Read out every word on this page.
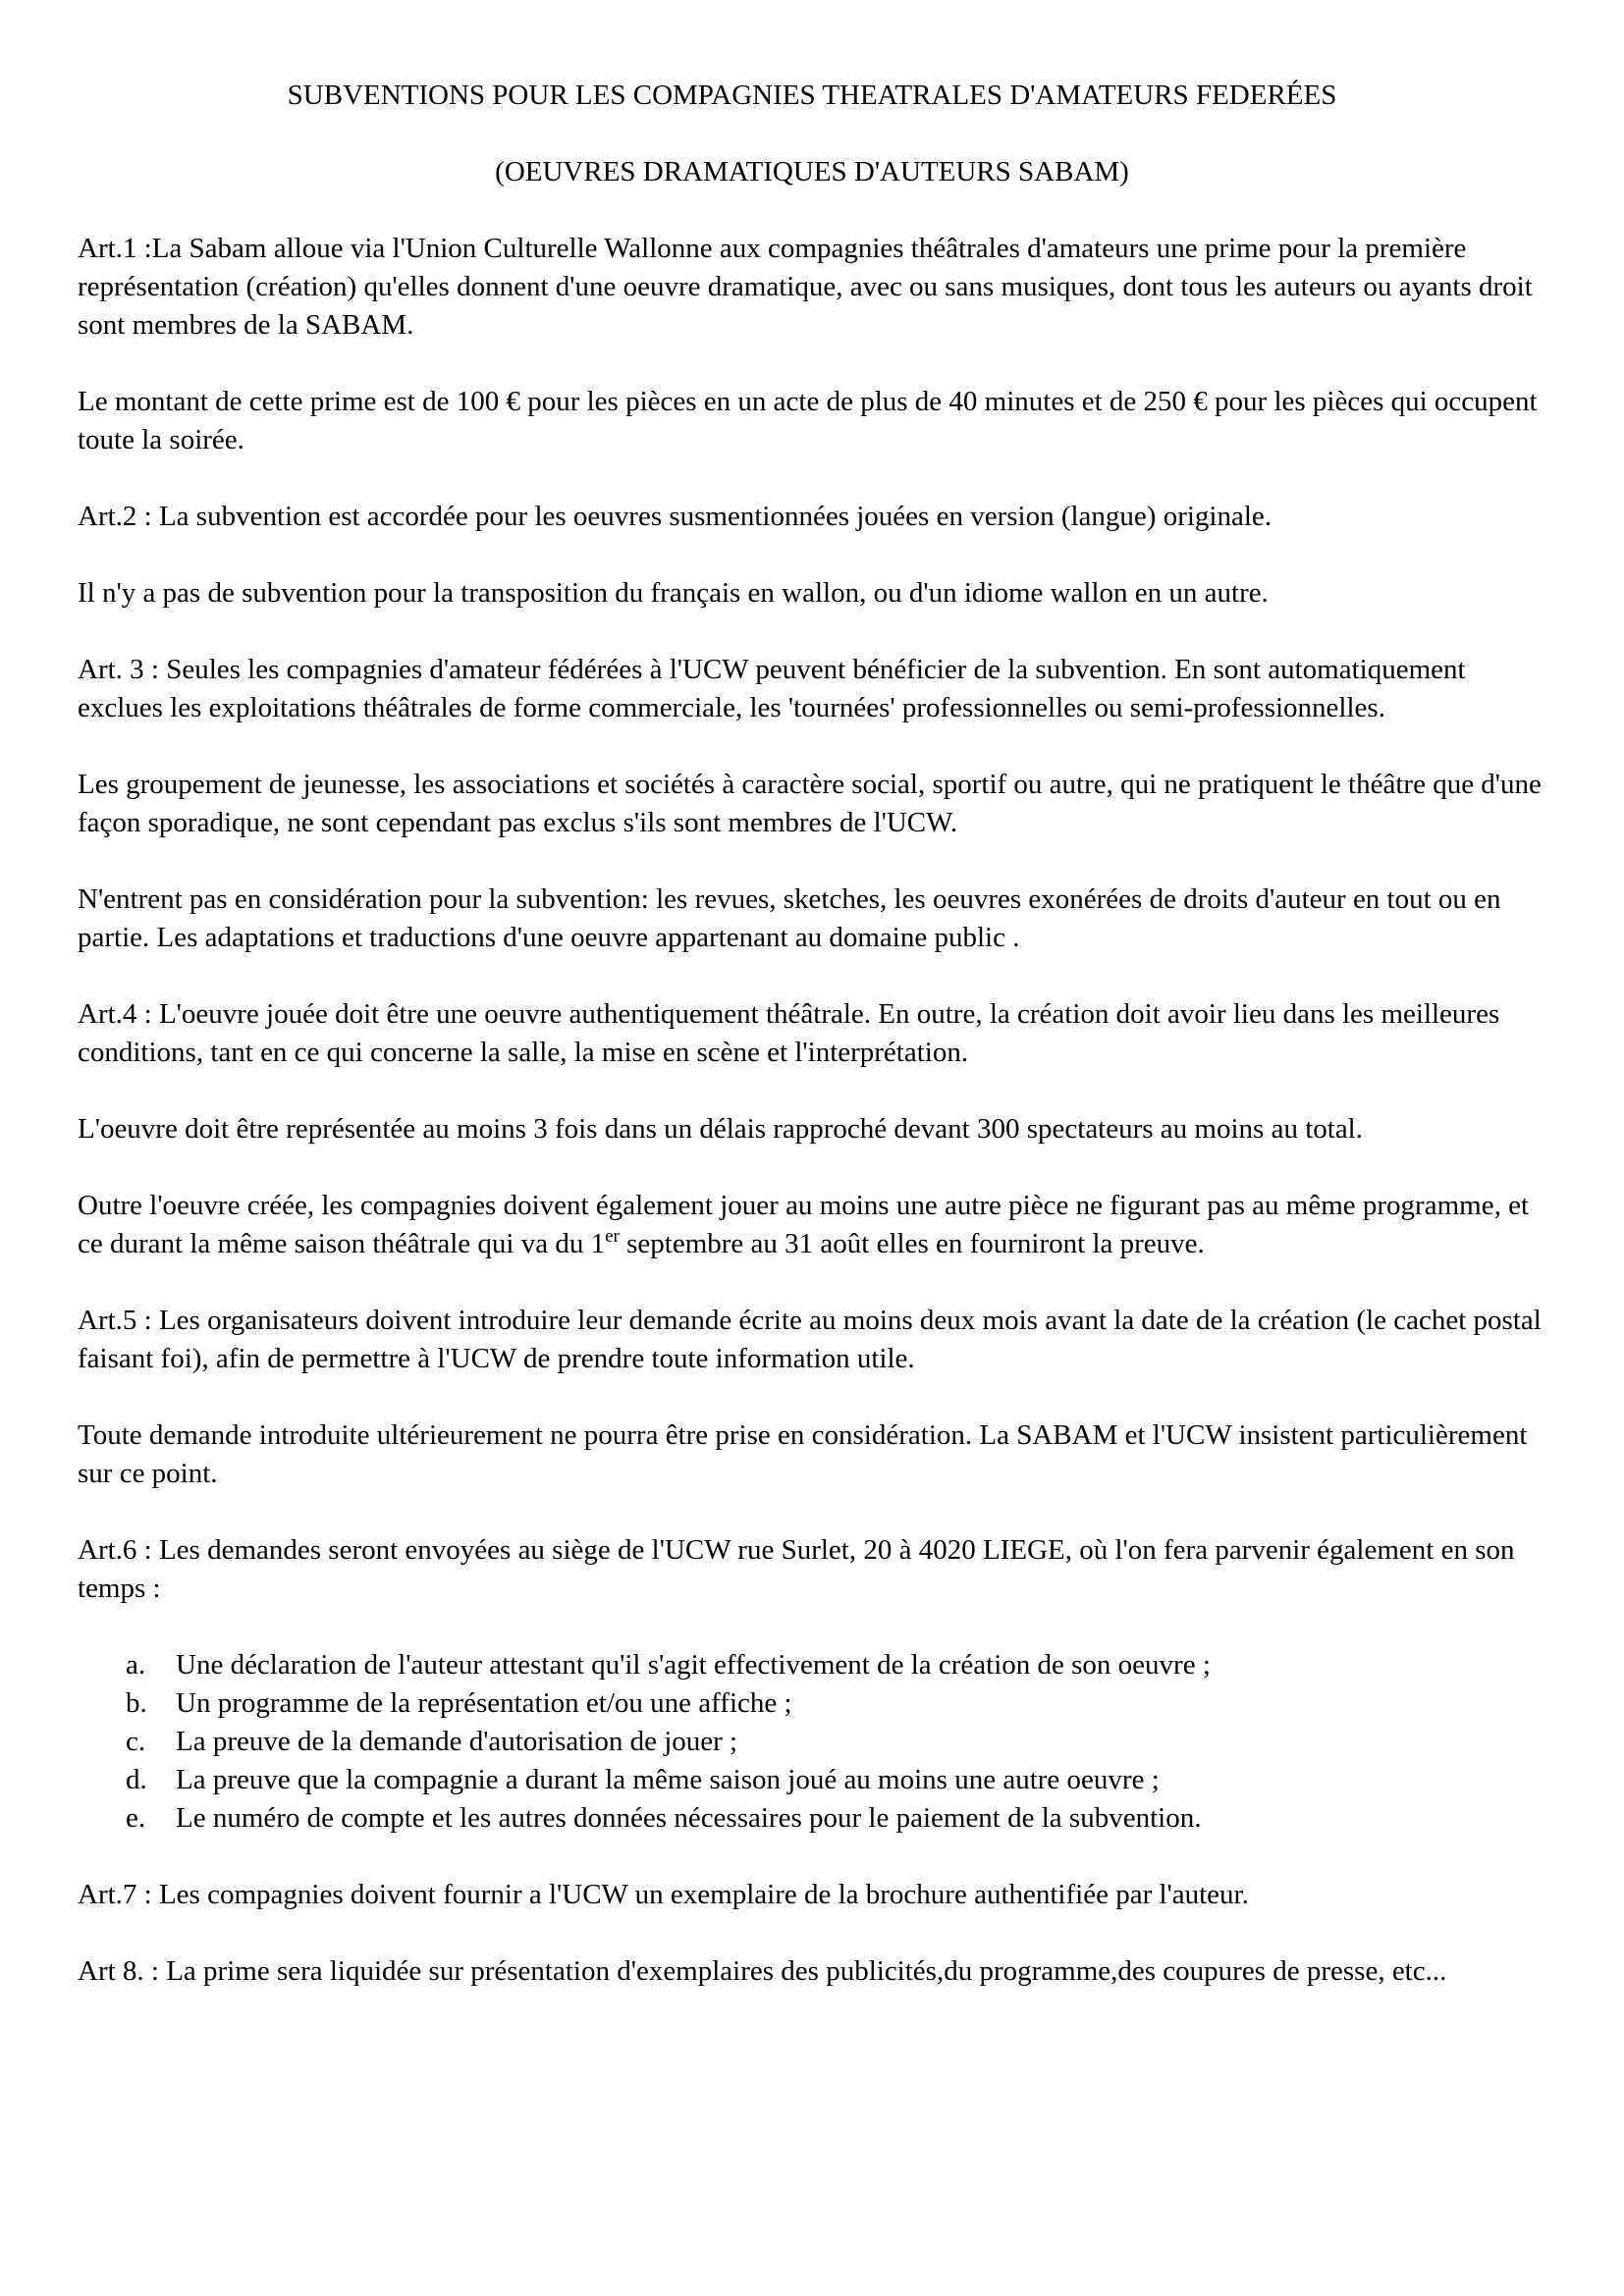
SUBVENTIONS POUR LES COMPAGNIES THEATRALES D'AMATEURS FEDERÉES
(OEUVRES DRAMATIQUES D'AUTEURS SABAM)

Art.1 :La Sabam alloue via l'Union Culturelle Wallonne aux compagnies théâtrales d'amateurs une prime pour la première représentation (création) qu'elles donnent d'une oeuvre dramatique, avec ou sans musiques, dont tous les auteurs ou ayants droit sont membres de la SABAM.

Le montant de cette prime est de 100 € pour les pièces en un acte de plus de 40 minutes et de 250 € pour les pièces qui occupent toute la soirée.

Art.2 : La subvention est accordée pour les oeuvres susmentionnées jouées en version (langue) originale.

Il n'y a pas de subvention pour la transposition du français en wallon, ou d'un idiome wallon en un autre.

Art. 3 : Seules les compagnies d'amateur fédérées à l'UCW peuvent bénéficier de la subvention. En sont automatiquement exclues les exploitations théâtrales de forme commerciale, les 'tournées' professionnelles ou semi-professionnelles.

Les groupement de jeunesse, les associations et sociétés à caractère social, sportif ou autre, qui ne pratiquent le théâtre que d'une façon sporadique, ne sont cependant pas exclus s'ils sont membres de l'UCW.

N'entrent pas en considération pour la subvention: les revues, sketches, les oeuvres exonérées de droits d'auteur en tout ou en partie. Les adaptations et traductions d'une oeuvre appartenant au domaine public .

Art.4 : L'oeuvre jouée doit être une oeuvre authentiquement théâtrale. En outre, la création doit avoir lieu dans les meilleures conditions, tant en ce qui concerne la salle, la mise en scène et l'interprétation.

L'oeuvre doit être représentée au moins 3 fois dans un délais rapproché devant 300 spectateurs au moins au total.

Outre l'oeuvre créée, les compagnies doivent également jouer au moins une autre pièce ne figurant pas au même programme, et ce durant la même saison théâtrale qui va du 1er septembre au 31 août elles en fourniront la preuve.

Art.5 : Les organisateurs doivent introduire leur demande écrite au moins deux mois avant la date de la création (le cachet postal faisant foi), afin de permettre à l'UCW de prendre toute information utile.

Toute demande introduite ultérieurement ne pourra être prise en considération. La SABAM et l'UCW insistent particulièrement sur ce point.

Art.6 : Les demandes seront envoyées au siège de l'UCW rue Surlet, 20 à 4020 LIEGE, où l'on fera parvenir également en son temps :

a. Une déclaration de l'auteur attestant qu'il s'agit effectivement de la création de son oeuvre ;
b. Un programme de la représentation et/ou une affiche ;
c. La preuve de la demande d'autorisation de jouer ;
d. La preuve que la compagnie a durant la même saison joué au moins une autre oeuvre ;
e. Le numéro de compte et les autres données nécessaires pour le paiement de la subvention.

Art.7 : Les compagnies doivent fournir a l'UCW un exemplaire de la brochure authentifiée par l'auteur.

Art 8. : La prime sera liquidée sur présentation d'exemplaires des publicités,du programme,des coupures de presse, etc...
